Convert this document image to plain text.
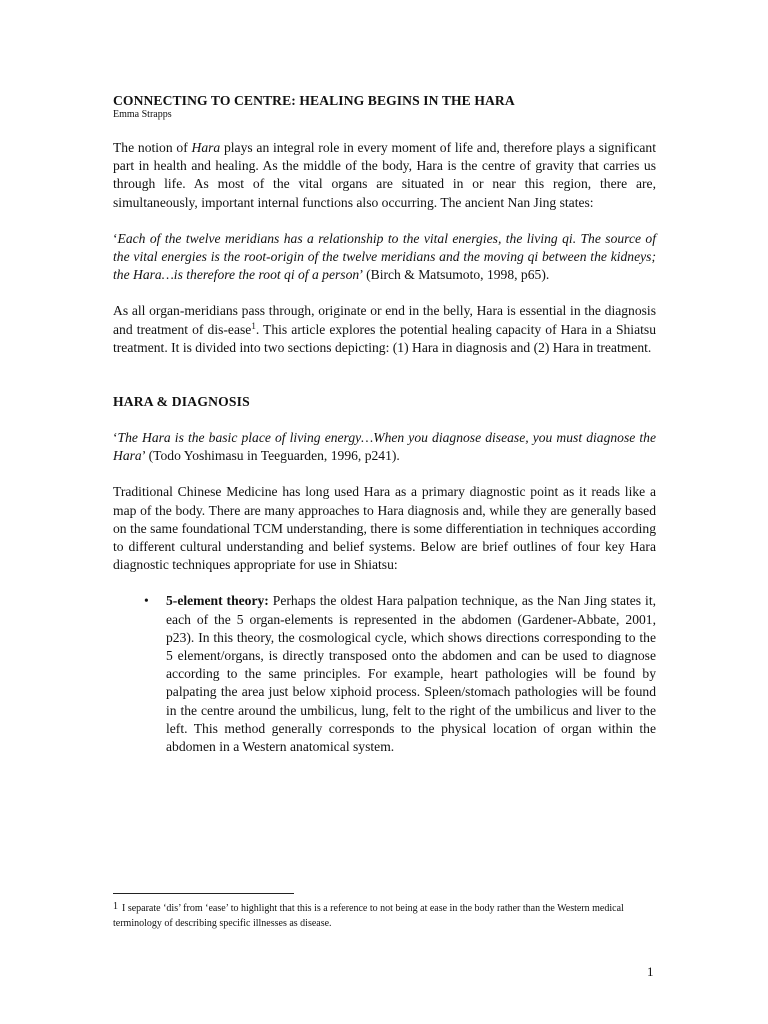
CONNECTING TO CENTRE: HEALING BEGINS IN THE HARA
Emma Strapps

The notion of Hara plays an integral role in every moment of life and, therefore plays a significant part in health and healing. As the middle of the body, Hara is the centre of gravity that carries us through life. As most of the vital organs are situated in or near this region, there are, simultaneously, important internal functions also occurring. The ancient Nan Jing states:

‘Each of the twelve meridians has a relationship to the vital energies, the living qi. The source of the vital energies is the root-origin of the twelve meridians and the moving qi between the kidneys; the Hara…is therefore the root qi of a person’ (Birch & Matsumoto, 1998, p65).

As all organ-meridians pass through, originate or end in the belly, Hara is essential in the diagnosis and treatment of dis-ease$^1$. This article explores the potential healing capacity of Hara in a Shiatsu treatment. It is divided into two sections depicting: (1) Hara in diagnosis and (2) Hara in treatment.

HARA & DIAGNOSIS

‘The Hara is the basic place of living energy…When you diagnose disease, you must diagnose the Hara’ (Todo Yoshimasu in Teeguarden, 1996, p241).

Traditional Chinese Medicine has long used Hara as a primary diagnostic point as it reads like a map of the body. There are many approaches to Hara diagnosis and, while they are generally based on the same foundational TCM understanding, there is some differentiation in techniques according to different cultural understanding and belief systems. Below are brief outlines of four key Hara diagnostic techniques appropriate for use in Shiatsu:

• 5-element theory: Perhaps the oldest Hara palpation technique, as the Nan Jing states it, each of the 5 organ-elements is represented in the abdomen (Gardener-Abbate, 2001, p23). In this theory, the cosmological cycle, which shows directions corresponding to the 5 element/organs, is directly transposed onto the abdomen and can be used to diagnose according to the same principles. For example, heart pathologies will be found by palpating the area just below xiphoid process. Spleen/stomach pathologies will be found in the centre around the umbilicus, lung, felt to the right of the umbilicus and liver to the left. This method generally corresponds to the physical location of organ within the abdomen in a Western anatomical system.

$^1$ I separate ‘dis’ from ‘ease’ to highlight that this is a reference to not being at ease in the body rather than the Western medical terminology of describing specific illnesses as disease.
1
